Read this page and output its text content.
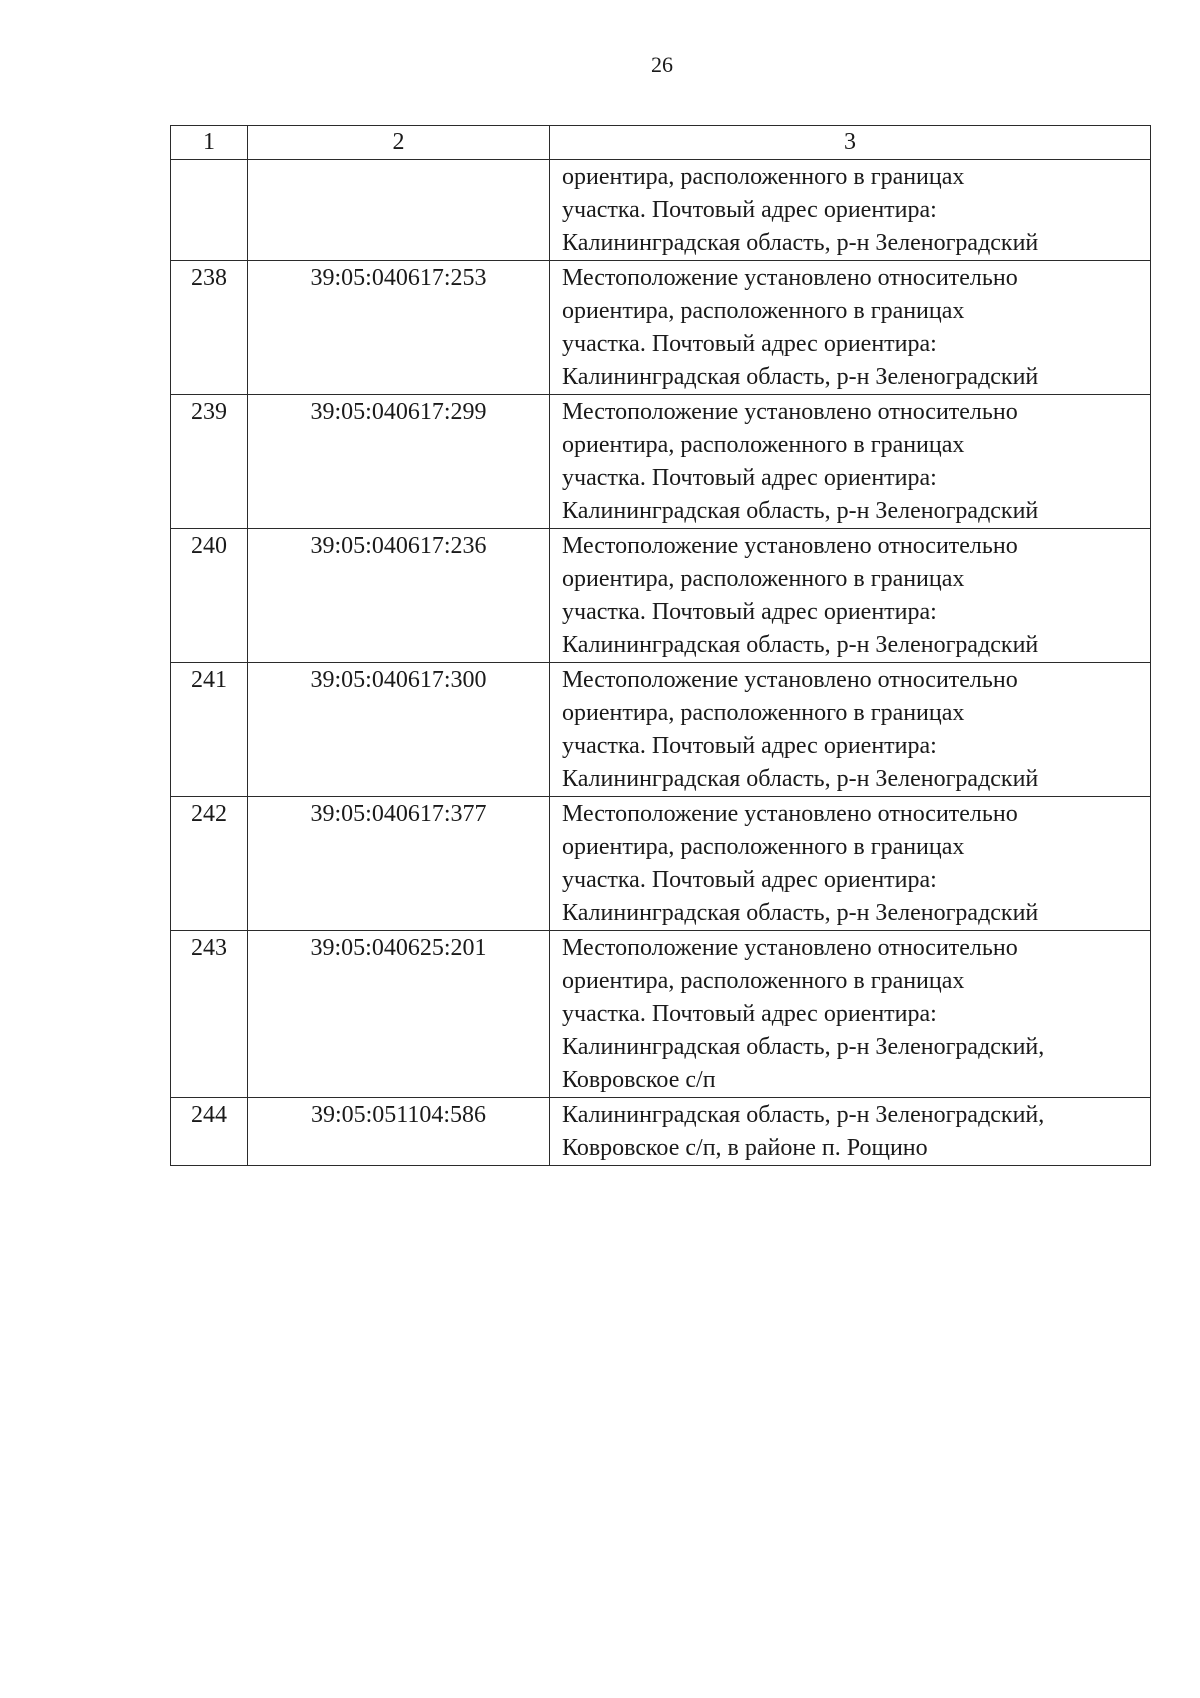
26
1	2	3
		ориентира, расположенного в границах
участка. Почтовый адрес ориентира:
Калининградская область, р-н Зеленоградский
238	39:05:040617:253	Местоположение установлено относительно
ориентира, расположенного в границах
участка. Почтовый адрес ориентира:
Калининградская область, р-н Зеленоградский
239	39:05:040617:299	Местоположение установлено относительно
ориентира, расположенного в границах
участка. Почтовый адрес ориентира:
Калининградская область, р-н Зеленоградский
240	39:05:040617:236	Местоположение установлено относительно
ориентира, расположенного в границах
участка. Почтовый адрес ориентира:
Калининградская область, р-н Зеленоградский
241	39:05:040617:300	Местоположение установлено относительно
ориентира, расположенного в границах
участка. Почтовый адрес ориентира:
Калининградская область, р-н Зеленоградский
242	39:05:040617:377	Местоположение установлено относительно
ориентира, расположенного в границах
участка. Почтовый адрес ориентира:
Калининградская область, р-н Зеленоградский
243	39:05:040625:201	Местоположение установлено относительно
ориентира, расположенного в границах
участка. Почтовый адрес ориентира:
Калининградская область, р-н Зеленоградский,
Ковровское с/п
244	39:05:051104:586	Калининградская область, р-н Зеленоградский,
Ковровское с/п, в районе п. Рощино
